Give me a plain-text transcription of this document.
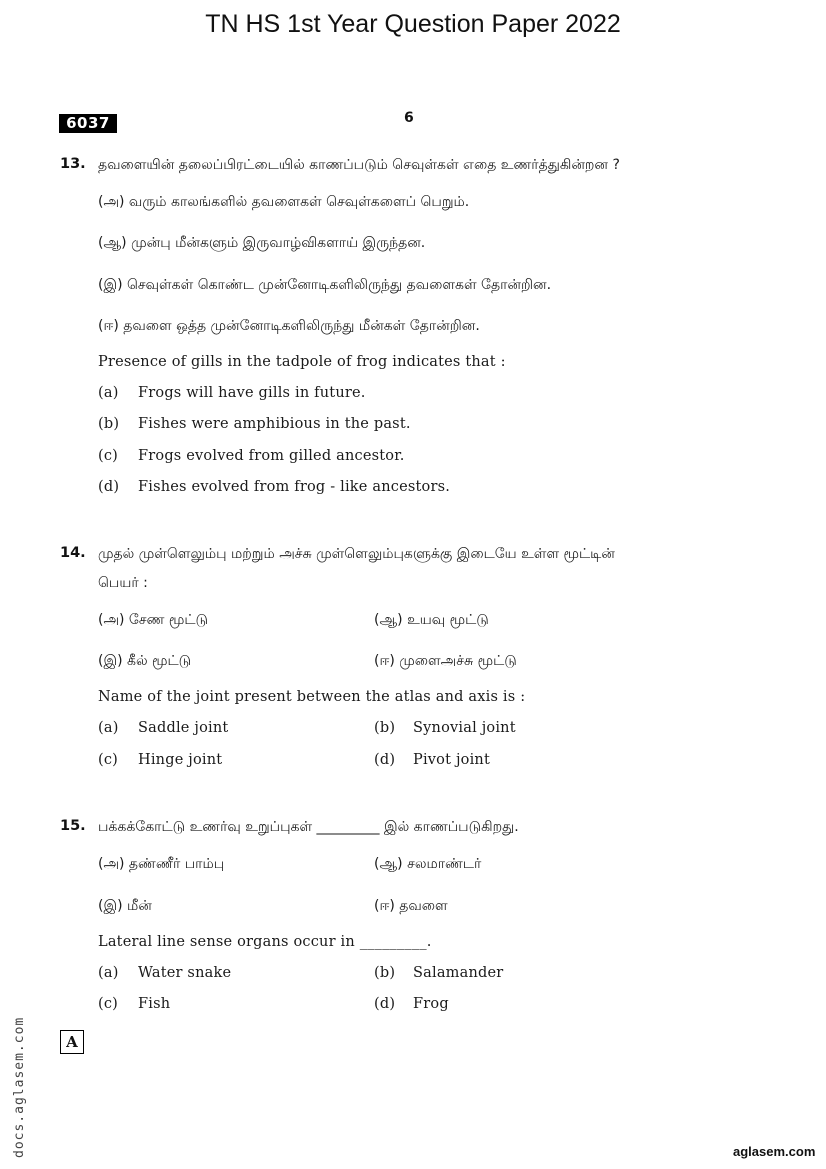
TN HS 1st Year Question Paper 2022
6037	6
13. தவளையின் தலைப்பிரட்டையில் காணப்படும் செவுள்கள் எதை உணர்த்துகின்றன ?
(அ) வரும் காலங்களில் தவளைகள் செவுள்களைப் பெறும்.
(ஆ) முன்பு மீன்களும் இருவாழ்விகளாய் இருந்தன.
(இ) செவுள்கள் கொண்ட முன்னோடிகளிலிருந்து தவளைகள் தோன்றின.
(ஈ) தவளை ஒத்த முன்னோடிகளிலிருந்து மீன்கள் தோன்றின.
Presence of gills in the tadpole of frog indicates that :
(a) Frogs will have gills in future.
(b) Fishes were amphibious in the past.
(c) Frogs evolved from gilled ancestor.
(d) Fishes evolved from frog - like ancestors.
14. முதல் முள்ளெலும்பு மற்றும் அச்சு முள்ளெலும்புகளுக்கு இடையே உள்ள மூட்டின்
பெயர் :
(அ) சேண மூட்டு	(ஆ) உயவு மூட்டு
(இ) கீல் மூட்டு	(ஈ) முளைஅச்சு மூட்டு
Name of the joint present between the atlas and axis is :
(a) Saddle joint	(b) Synovial joint
(c) Hinge joint	(d) Pivot joint
15. பக்கக்கோட்டு உணர்வு உறுப்புகள் _________ இல் காணப்படுகிறது.
(அ) தண்ணீர் பாம்பு	(ஆ) சலமாண்டர்
(இ) மீன்	(ஈ) தவளை
Lateral line sense organs occur in _________.
(a) Water snake	(b) Salamander
(c) Fish	(d) Frog
A
docs.aglasem.com	aglasem.com
